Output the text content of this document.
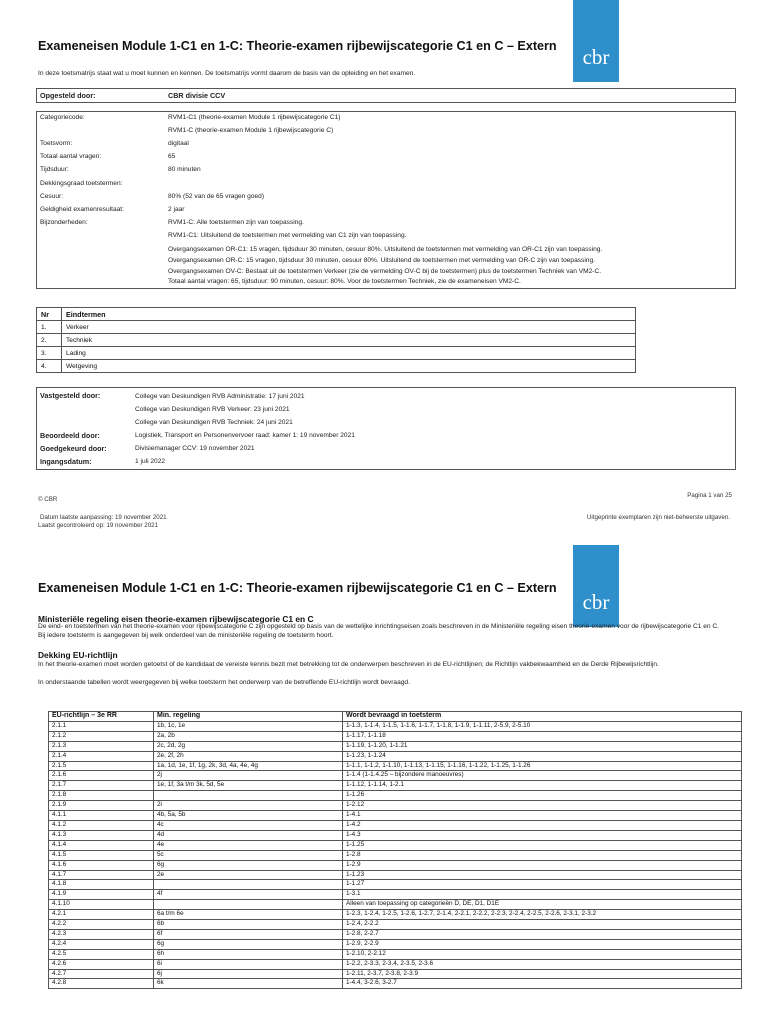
cbr
Exameneisen Module 1-C1 en 1-C: Theorie-examen rijbewijscategorie C1 en C – Extern
In deze toetsmatrijs staat wat u moet kunnen en kennen. De toetsmatrijs vormt daarom de basis van de opleiding en het examen.
Opgesteld door:	CBR divisie CCV
Categoriecode:	RVM1-C1 (theorie-examen Module 1 rijbewijscategorie C1)
RVM1-C (theorie-examen Module 1 rijbewijscategorie C)
Toetsvorm:	digitaal
Totaal aantal vragen:	65
Tijdsduur:	80 minuten
Dekkingsgraad toetstermen:
Cesuur:	80% (52 van de 65 vragen goed)
Geldigheid examenresultaat:	2 jaar
Bijzonderheden:	RVM1-C: Alle toetstermen zijn van toepassing.
RVM1-C1: Uitsluitend de toetstermen met vermelding van C1 zijn van toepassing.
Overgangsexamen OR-C1: 15 vragen, tijdsduur 30 minuten, cesuur 80%. Uitsluitend de toetstermen met vermelding van OR-C1 zijn van toepassing.
Overgangsexamen OR-C: 15 vragen, tijdsduur 30 minuten, cesuur 80%. Uitsluitend de toetstermen met vermelding van OR-C zijn van toepassing.
Overgangsexamen OV-C: Bestaat uit de toetstermen Verkeer (zie de vermelding OV-C bij de toetstermen) plus de toetstermen Techniek van VM2-C.
Totaal aantal vragen: 65, tijdsduur: 90 minuten, cesuur: 80%. Voor de toetstermen Techniek, zie de exameneisen VM2-C.
Nr	Eindtermen
1.	Verkeer
2.	Techniek
3.	Lading
4.	Wetgeving
Vastgesteld door:	College van Deskundigen RVB Administratie: 17 juni 2021
College van Deskundigen RVB Verkeer: 23 juni 2021
College van Deskundigen RVB Techniek: 24 juni 2021
Beoordeeld door:	Logistiek, Transport en Personenvervoer raad: kamer 1: 19 november 2021
Goedgekeurd door:	Divisiemanager CCV: 19 november 2021
Ingangsdatum:	1 juli 2022
© CBR
Pagina 1 van 25
Datum laatste aanpassing: 19 november 2021
Laatst gecontroleerd op: 19 november 2021
Uitgeprinte exemplaren zijn niet-beheerste uitgaven.
cbr
Exameneisen Module 1-C1 en 1-C: Theorie-examen rijbewijscategorie C1 en C – Extern
Ministeriële regeling eisen theorie-examen rijbewijscategorie C1 en C
De eind- en toetstermen van het theorie-examen voor rijbewijscategorie C zijn opgesteld op basis van de wettelijke inrichtingseisen zoals beschreven in de Ministeriële regeling eisen theorie-examen voor de rijbewijscategorie C1 en C. Bij iedere toetsterm is aangegeven bij welk onderdeel van de ministeriële regeling de toetsterm hoort.
Dekking EU-richtlijn
In het theorie-examen moet worden getoetst of de kandidaat de vereiste kennis bezit met betrekking tot de onderwerpen beschreven in de EU-richtlijnen; de Richtlijn vakbekwaamheid en de Derde Rijbewijsrichtlijn.
In onderstaande tabellen wordt weergegeven bij welke toetsterm het onderwerp van de betreffende EU-richtlijn wordt bevraagd.
EU-richtlijn – 3e RR	Min. regeling	Wordt bevraagd in toetsterm
2.1.1	1b, 1c, 1e	1-1.3, 1-1.4, 1-1.5, 1-1.6, 1-1.7, 1-1.8, 1-1.9, 1-1.11, 2-5.9, 2-5.10
2.1.2	2a, 2b	1-1.17, 1-1.18
2.1.3	2c, 2d, 2g	1-1.19, 1-1.20, 1-1.21
2.1.4	2e, 2f, 2h	1-1.23, 1-1.24
2.1.5	1a, 1d, 1e, 1f, 1g, 2k, 3d, 4a, 4e, 4g	1-1.1, 1-1.2, 1-1.10, 1-1.13, 1-1.15, 1-1.16, 1-1.22, 1-1.25, 1-1.26
2.1.6	2j	1-1.4 (1-1.4.25 – bijzondere manoeuvres)
2.1.7	1e, 1f, 3a t/m 3k, 5d, 5e	1-1.12, 1-1.14, 1-2.1
2.1.8		1-1.26
2.1.9	2i	1-2.12
4.1.1	4b, 5a, 5b	1-4.1
4.1.2	4c	1-4.2
4.1.3	4d	1-4.3
4.1.4	4e	1-1.25
4.1.5	5c	1-2.8
4.1.6	6g	1-2.9
4.1.7	2e	1-1.23
4.1.8		1-1.27
4.1.9	4f	1-3.1
4.1.10		Alleen van toepassing op categorieën D, DE, D1, D1E
4.2.1	6a t/m 6e	1-2.3, 1-2.4, 1-2.5, 1-2.6, 1-2.7, 2-1.4, 2-2.1, 2-2.2, 2-2.3, 2-2.4, 2-2.5, 2-2.6, 2-3.1, 2-3.2
4.2.2	6b	1-2.4, 2-2.2
4.2.3	6f	1-2.8, 2-2.7
4.2.4	6g	1-2.9, 2-2.9
4.2.5	6h	1-2.10, 2-2.12
4.2.6	6i	1-2.2, 2-3.3, 2-3.4, 2-3.5, 2-3.6
4.2.7	6j	1-2.11, 2-3.7, 2-3.8, 2-3.9
4.2.8	6k	1-4.4, 3-2.6, 3-2.7
